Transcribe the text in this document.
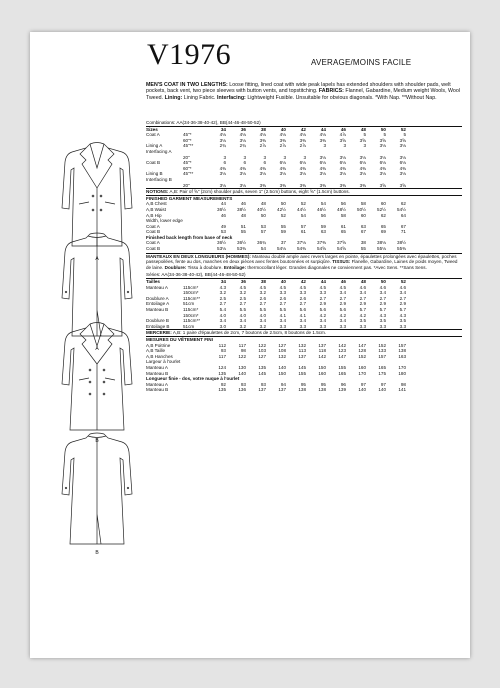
A
A
B
B
V1976	AVERAGE/MOINS FACILE
MEN'S COAT IN TWO LENGTHS: Loose fitting, lined coat with wide peak lapels has extended shoulders with shoulder pads, welt pockets, back vent, two piece sleeves with button vents, and topstitching. FABRICS: Flannel, Gabardine, Medium weight Wools, Wool Tweed. Lining: Lining Fabric. Interfacing: Lightweight Fusible. Unsuitable for obvious diagonals. *With Nap. **Without Nap.
Combinations: AA(34-36-38-40-42), BB(44-46-48-50-52)
Sizes	34	36	38	40	42	44	46	48	50	52
Coat A	45"*	4⅛	4⅛	4⅛	4⅛	4⅛	4⅛	4⅞	5	5	5
60"*	3⅛	3⅛	3⅜	3⅜	3⅜	3⅜	3⅝	3⅝	3⅝	3⅝
Lining A	45"**	2¾	2¾	2⅞	2⅞	2⅞	3	3	3	3⅛	3⅛
Interfacing A
20"	3	3	3	3	3	3⅛	3⅛	3⅛	3⅛	3⅛
Coat B	45"*	6	6	6	6⅛	6⅛	6⅛	6⅛	6⅛	6⅛	6⅛
60"*	4⅜	4⅜	4⅜	4⅜	4⅜	4⅜	4⅜	4⅜	4⅜	4⅜
Lining B	45"**	3⅛	3⅛	3⅛	3⅛	3⅛	3⅛	3⅛	3⅛	3⅛	3⅛
Interfacing B
20"	3⅛	3⅛	3⅜	3⅜	3⅜	3⅜	3⅜	3⅜	3⅝	3⅝
NOTIONS: A,B: Pair of ⅝" (2cm) shoulder pads, seven 1" (2.5cm) buttons, eight ⅝" (1.5cm) buttons.
FINISHED GARMENT MEASUREMENTS
A,B Chest	44	46	48	50	52	54	56	58	60	62
A,B Waist	36½	38½	40½	42½	44½	46½	48½	50½	52½	54½
A,B Hip	46	48	50	52	54	56	58	60	62	64
Width, lower edge
Coat A	49	51	53	55	57	59	61	63	65	67
Coat B	53	55	57	59	61	63	65	67	69	71
Finished back length from base of neck
Coat A	36½	36½	36¾	37	37⅛	37⅜	37⅝	38	38⅛	38½
Coat B	53⅛	53⅜	54	54⅛	54⅜	54⅝	54⅝	55	55⅛	55⅜
MANTEAUX EN DEUX LONGUEURS (HOMMES): Manteau doublé ample avec revers larges en pointe, épaulettes prolongées avec épaulettes, poches passepoilées, fente au dos, manches en deux pièces avec fentes boutonnées et surpiqûre. TISSUS: Flanelle, Gabardine, Laines de poids moyen, Tweed de laine. Doublure: Tissu à doublure. Entoilage: thermocollant léger. Grandes diagonales ne conviennent pas. *Avec Sens. **Sans Sens.
Séries: AA(34-36-38-40-42), BB(44-46-48-50-52)
Tailles	34	36	38	40	42	44	46	48	50	52
Manteau A	115cm*	4.3	4.5	4.5	4.5	4.5	4.5	4.5	4.6	4.6	4.6
150cm*	3.2	3.2	3.2	3.3	3.3	3.3	3.4	3.4	3.4	3.4
Doublure A	115cm**	2.5	2.5	2.6	2.6	2.6	2.7	2.7	2.7	2.7	2.7
Entoilage A	51cm	2.7	2.7	2.7	2.7	2.7	2.9	2.9	2.9	2.9	2.9
Manteau B	115cm*	5.4	5.5	5.5	5.5	5.6	5.6	5.6	5.7	5.7	5.7
150cm*	4.0	4.0	4.0	4.1	4.1	4.2	4.2	4.2	4.3	4.3
Doublure B	115cm**	3.4	3.4	3.4	3.4	3.4	3.4	3.4	3.5	3.5	3.5
Entoilage B	51cm	3.0	3.2	3.2	3.3	3.3	3.3	3.3	3.3	3.3	3.3
MERCERIE: A,B: 1 paire d'épaulettes de 2cm, 7 boutons de 2.5cm, 8 boutons de 1.5cm.
MESURES DU VÊTEMENT FINI
A,B Poitrine	112	117	122	127	132	137	142	147	152	157
A,B Taille	93	98	103	108	113	118	123	128	133	138
A,B Hanches	117	122	127	132	137	142	147	152	157	163
Largeur à l'ourlet
Manteau A	124	130	135	140	145	150	155	160	165	170
Manteau B	135	140	145	150	155	160	165	170	175	180
Longueur finie - dos, votre nuque à l'ourlet
Manteau A	92	93	93	94	95	95	96	97	97	98
Manteau B	135	136	137	137	138	138	139	140	140	141
